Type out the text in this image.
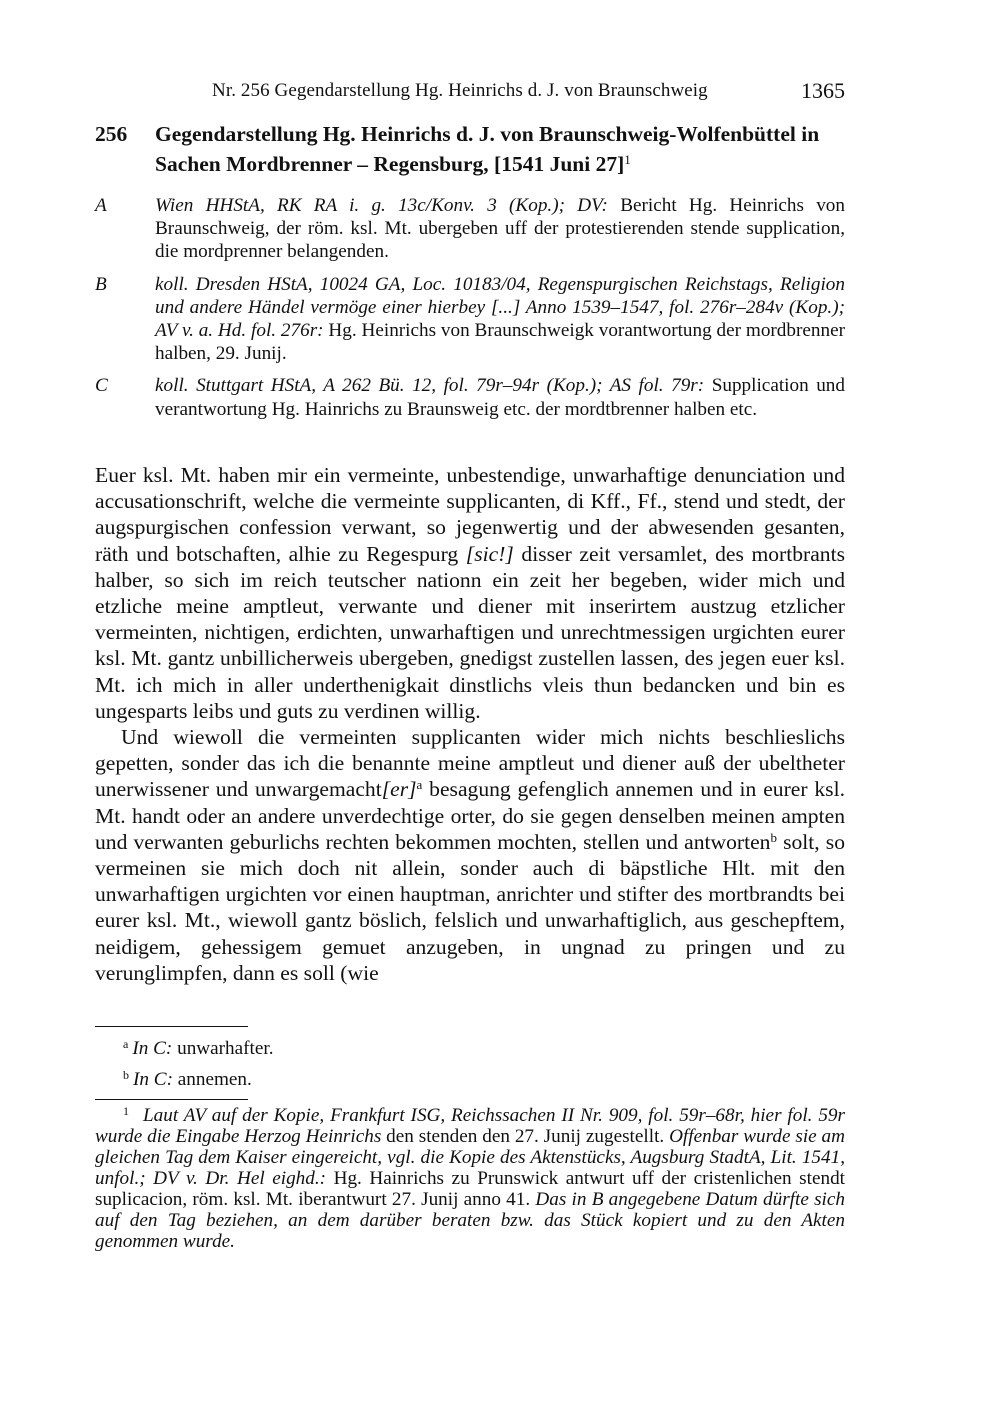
Nr. 256 Gegendarstellung Hg. Heinrichs d. J. von Braunschweig	1365
256 Gegendarstellung Hg. Heinrichs d. J. von Braunschweig-Wolfenbüttel in Sachen Mordbrenner – Regensburg, [1541 Juni 27]$^1$
A	Wien HHStA, RK RA i. g. 13c/Konv. 3 (Kop.); DV: Bericht Hg. Heinrichs von Braunschweig, der röm. ksl. Mt. ubergeben uff der protestierenden stende supplication, die mordprenner belangenden.
B	koll. Dresden HStA, 10024 GA, Loc. 10183/04, Regenspurgischen Reichstags, Religion und andere Händel vermöge einer hierbey [...] Anno 1539–1547, fol. 276r–284v (Kop.); AV v. a. Hd. fol. 276r: Hg. Heinrichs von Braunschweigk vorantwortung der mordbrenner halben, 29. Junij.
C koll. Stuttgart HStA, A 262 Bü. 12, fol. 79r–94r (Kop.); AS fol. 79r: Supplication und verantwortung Hg. Hainrichs zu Braunsweig etc. der mordtbrenner halben etc.

Euer ksl. Mt. haben mir ein vermeinte, unbestendige, unwarhaftige denunciation und accusationschrift, welche die vermeinte supplicanten, di Kff., Ff., stend und stedt, der augspurgischen confession verwant, so jegenwertig und der abwesenden gesanten, räth und botschaften, alhie zu Regespurg [sic!] disser zeit versamlet, des mortbrants halber, so sich im reich teutscher nationn ein zeit her begeben, wider mich und etzliche meine amptleut, verwante und diener mit inserirtem austzug etzlicher vermeinten, nichtigen, erdichten, unwarhaftigen und unrechtmessigen urgichten eurer ksl. Mt. gantz unbillicherweis ubergeben, gnedigst zustellen lassen, des jegen euer ksl. Mt. ich mich in aller underthenigkait dinstlichs vleis thun bedancken und bin es ungesparts leibs und guts zu verdinen willig.

Und wiewoll die vermeinten supplicanten wider mich nichts beschlieslichs gepetten, sonder das ich die benannte meine amptleut und diener auß der ubeltheter unerwissener und unwargemacht[er]$^a$ besagung gefenglich annemen und in eurer ksl. Mt. handt oder an andere unverdechtige orter, do sie gegen denselben meinen ampten und verwanten geburlichs rechten bekommen mochten, stellen und antworten$^b$ solt, so vermeinen sie mich doch nit allein, sonder auch di bäpstliche Hlt. mit den unwarhaftigen urgichten vor einen hauptman, anrichter und stifter des mortbrandts bei eurer ksl. Mt., wiewoll gantz böslich, felslich und unwarhaftiglich, aus geschepftem, neidigem, gehessigem gemuet anzugeben, in ungnad zu pringen und zu verunglimpfen, dann es soll (wie

$^a$ In C: unwarhafter.
$^b$ In C: annemen.

$^1$ Laut AV auf der Kopie, Frankfurt ISG, Reichssachen II Nr. 909, fol. 59r–68r, hier fol. 59r wurde die Eingabe Herzog Heinrichs den stenden den 27. Junij zugestellt. Offenbar wurde sie am gleichen Tag dem Kaiser eingereicht, vgl. die Kopie des Aktenstücks, Augsburg StadtA, Lit. 1541, unfol.; DV v. Dr. Hel eighd.: Hg. Hainrichs zu Prunswick antwurt uff der cristenlichen stendt suplicacion, röm. ksl. Mt. iberantwurt 27. Junij anno 41. Das in B angegebene Datum dürfte sich auf den Tag beziehen, an dem darüber beraten bzw. das Stück kopiert und zu den Akten genommen wurde.
